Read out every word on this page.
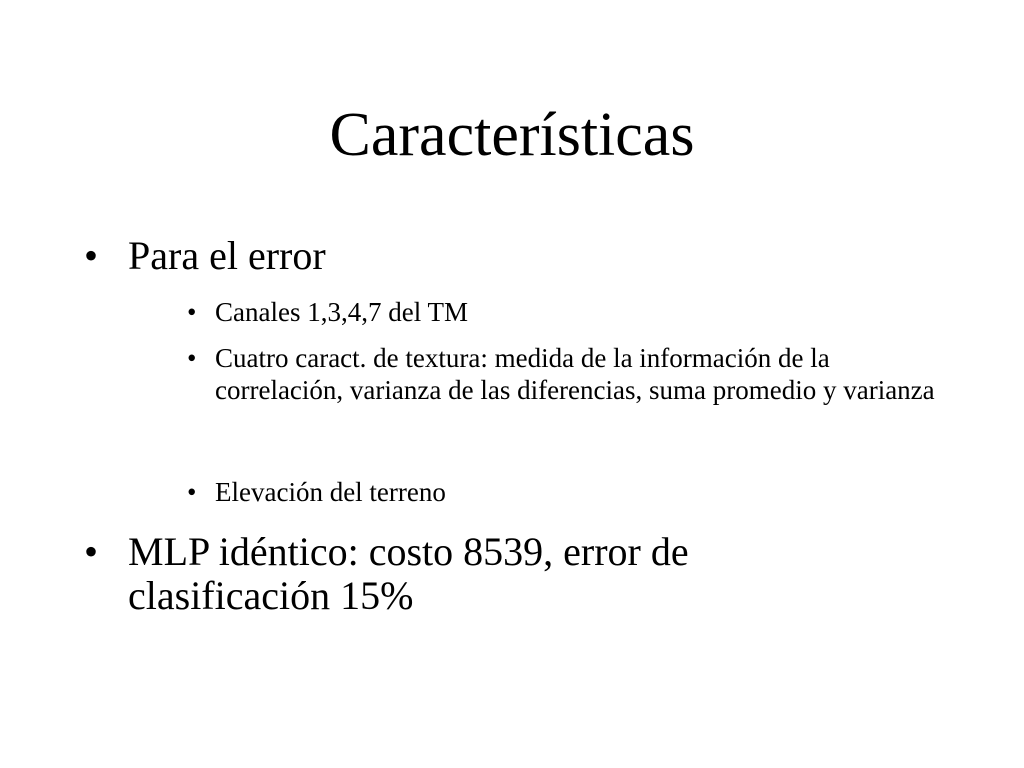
Características
• Para el error
• Canales 1,3,4,7 del TM
• Cuatro caract. de textura: medida de la información de la correlación, varianza de las diferencias, suma promedio y varianza
• Elevación del terreno
• MLP idéntico: costo 8539, error de clasificación 15%
